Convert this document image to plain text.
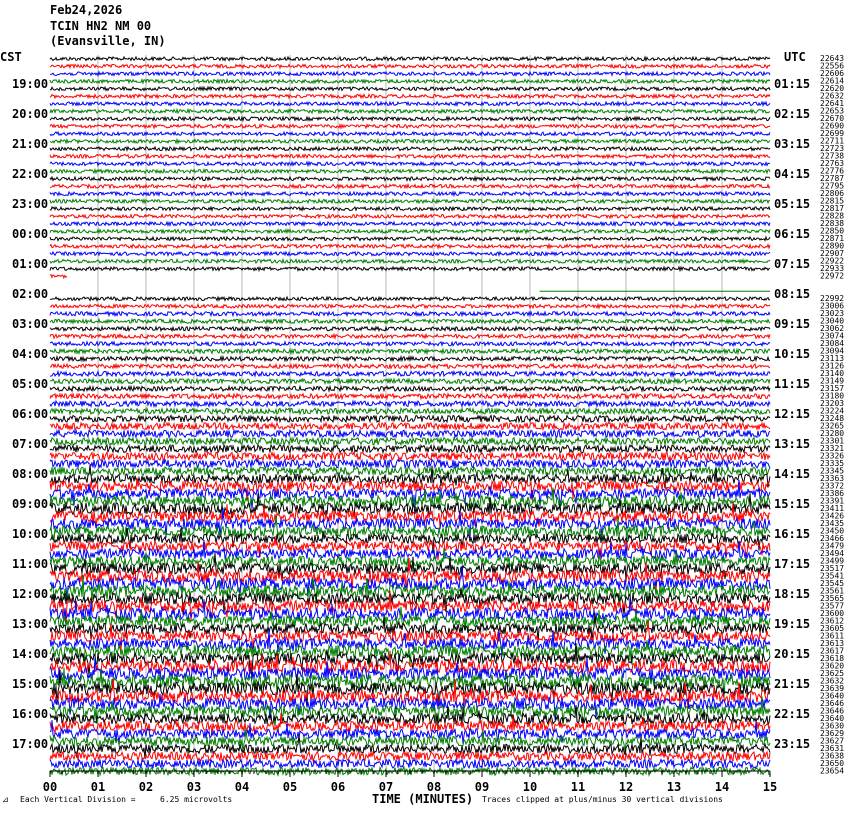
Feb24,2026
TCIN HN2 NM 00
(Evansville, IN)
19:00
20:00
21:00
22:00
23:00
00:00
01:00
02:00
03:00
04:00
05:00
06:00
07:00
08:00
09:00
10:00
11:00
12:00
13:00
14:00
15:00
16:00
17:00
01:15
02:15
03:15
04:15
05:15
06:15
07:15
08:15
09:15
10:15
11:15
12:15
13:15
14:15
15:15
16:15
17:15
18:15
19:15
20:15
21:15
22:15
23:15
22643
22556
22606
22614
22620
22632
22641
22653
22670
22690
22699
22711
22723
22738
22763
22776
22787
22795
22806
22815
22817
22828
22838
22850
22871
22890
22907
22922
22933
22972
22992
23006
23023
23040
23062
23074
23084
23094
23113
23126
23140
23149
23157
23180
23203
23224
23248
23265
23280
23301
23321
23326
23335
23345
23363
23372
23386
23391
23411
23426
23435
23450
23466
23479
23494
23499
23517
23541
23545
23561
23565
23577
23600
23612
23605
23611
23613
23617
23618
23620
23625
23632
23639
23640
23646
23646
23640
23630
23629
23627
23631
23638
23650
23654
00	01	02	03	04	05	06	07	08	09	10	11	12	13	14	15
CST	UTC
⊿ Each Vertical Division =	6.25 microvolts	TIME (MINUTES) Traces clipped at plus/minus 30 vertical divisions
